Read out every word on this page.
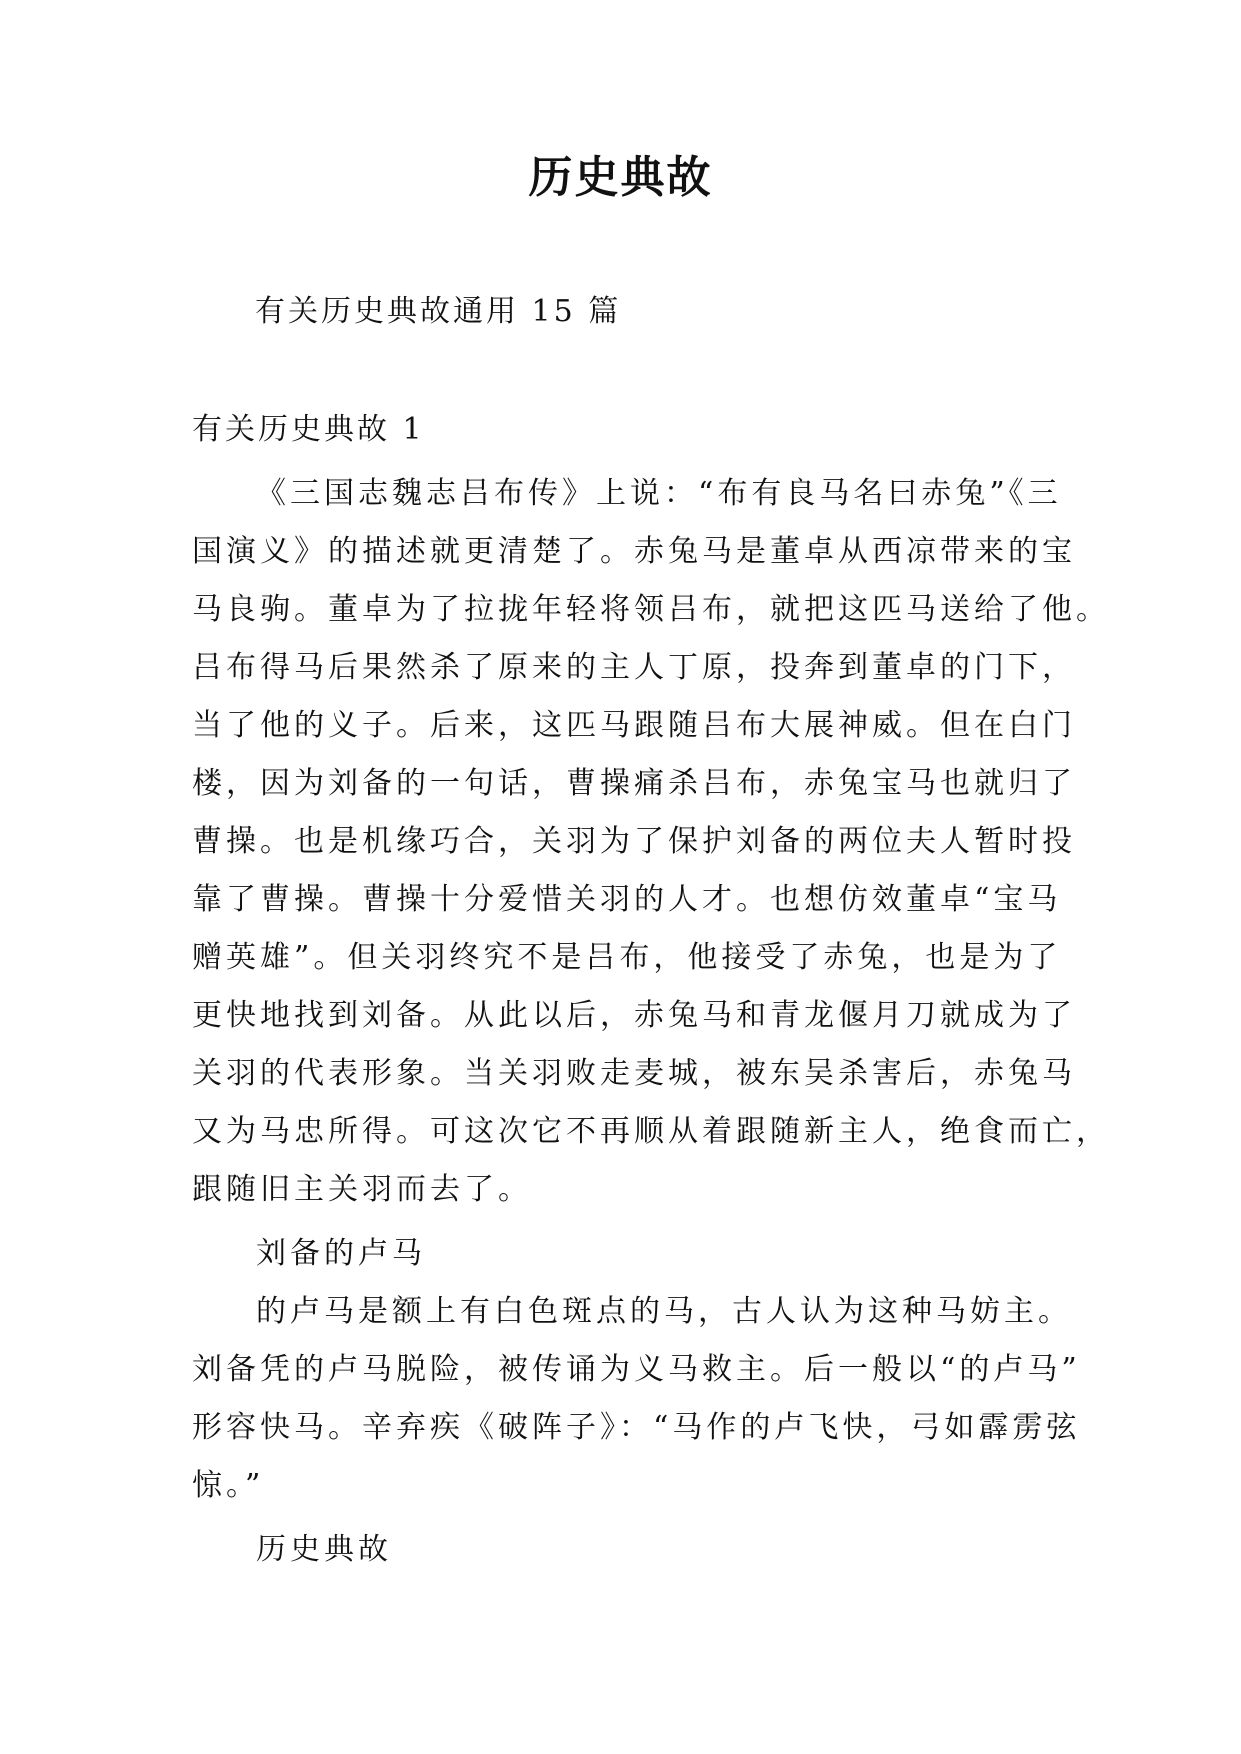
历史典故
有关历史典故通用 15 篇
有关历史典故 1
《三国志魏志吕布传》上说：“布有良马名曰赤兔”《三
国演义》的描述就更清楚了。赤兔马是董卓从西凉带来的宝
马良驹。董卓为了拉拢年轻将领吕布，就把这匹马送给了他。
吕布得马后果然杀了原来的主人丁原，投奔到董卓的门下，
当了他的义子。后来，这匹马跟随吕布大展神威。但在白门
楼，因为刘备的一句话，曹操痛杀吕布，赤兔宝马也就归了
曹操。也是机缘巧合，关羽为了保护刘备的两位夫人暂时投
靠了曹操。曹操十分爱惜关羽的人才。也想仿效董卓“宝马
赠英雄”。但关羽终究不是吕布，他接受了赤兔，也是为了
更快地找到刘备。从此以后，赤兔马和青龙偃月刀就成为了
关羽的代表形象。当关羽败走麦城，被东吴杀害后，赤兔马
又为马忠所得。可这次它不再顺从着跟随新主人，绝食而亡，
跟随旧主关羽而去了。
刘备的卢马
的卢马是额上有白色斑点的马，古人认为这种马妨主。
刘备凭的卢马脱险，被传诵为义马救主。后一般以“的卢马”
形容快马。辛弃疾《破阵子》：“马作的卢飞快，弓如霹雳弦
惊。”
历史典故
